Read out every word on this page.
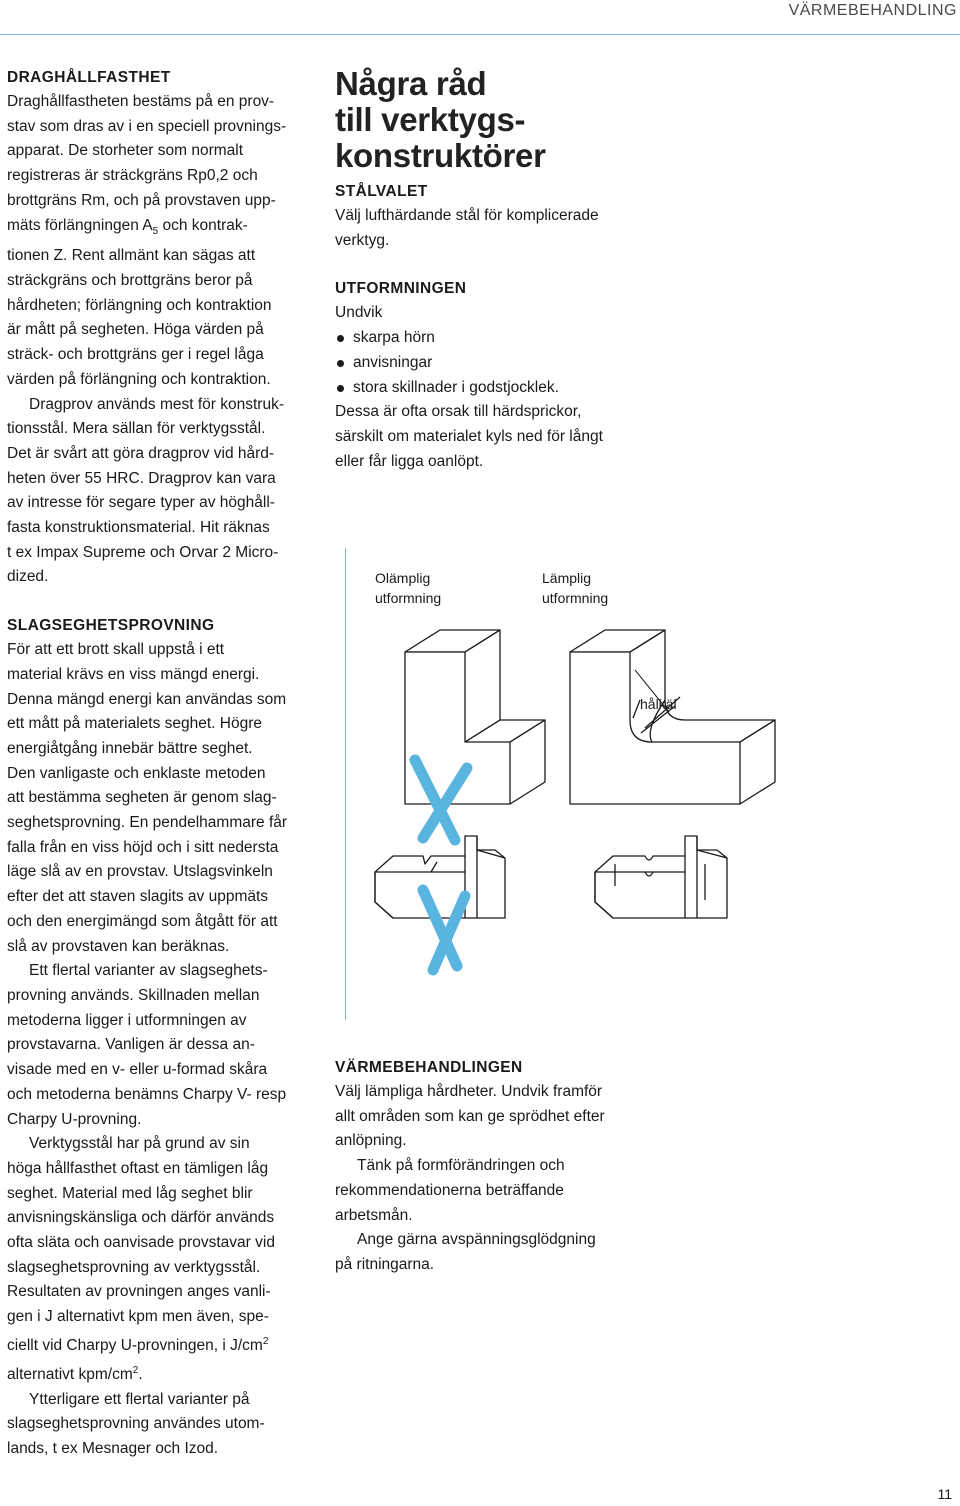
VÄRMEBEHANDLING

DRAGHÅLLFASTHET

Draghållfastheten bestäms på en prov-
stav som dras av i en speciell provnings-
apparat. De storheter som normalt
registreras är sträckgräns Rp0,2 och
brottgräns Rm, och på provstaven upp-
mäts förlängningen $A_5$ och kontrak-
tionen Z. Rent allmänt kan sägas att
sträckgräns och brottgräns beror på
hårdheten; förlängning och kontraktion
är mått på segheten. Höga värden på
sträck- och brottgräns ger i regel låga
värden på förlängning och kontraktion.
Dragprov används mest för konstruk-
tionsstål. Mera sällan för verktygsstål.
Det är svårt att göra dragprov vid hård-
heten över 55 HRC. Dragprov kan vara
av intresse för segare typer av höghåll-
fasta konstruktionsmaterial. Hit räknas
t ex Impax Supreme och Orvar 2 Micro-
dized.

SLAGSEGHETSPROVNING

För att ett brott skall uppstå i ett
material krävs en viss mängd energi.
Denna mängd energi kan användas som
ett mått på materialets seghet. Högre
energiåtgång innebär bättre seghet.
Den vanligaste och enklaste metoden
att bestämma segheten är genom slag-
seghetsprovning. En pendelhammare får
falla från en viss höjd och i sitt nedersta
läge slå av en provstav. Utslagsvinkeln
efter det att staven slagits av uppmäts
och den energimängd som åtgått för att
slå av provstaven kan beräknas.
Ett flertal varianter av slagseghets-
provning används. Skillnaden mellan
metoderna ligger i utformningen av
provstavarna. Vanligen är dessa an-
visade med en v- eller u-formad skåra
och metoderna benämns Charpy V- resp
Charpy U-provning.
Verktygsstål har på grund av sin
höga hållfasthet oftast en tämligen låg
seghet. Material med låg seghet blir
anvisningskänsliga och därför används
ofta släta och oanvisade provstavar vid
slagseghetsprovning av verktygsstål.
Resultaten av provningen anges vanli-
gen i J alternativt kpm men även, spe-
ciellt vid Charpy U-provningen, i $J/cm^2$
alternativt kpm/$cm^2$.
Ytterligare ett flertal varianter på
slagseghetsprovning användes utom-
lands, t ex Mesnager och Izod.
Några råd
till verktygs-
konstruktörer

STÅLVALET

Välj lufthärdande stål för komplicerade
verktyg.

UTFORMNINGEN

Undvik
skarpa hörn
anvisningar
stora skillnader i godstjocklek.
Dessa är ofta orsak till härdsprickor,
särskilt om materialet kyls ned för långt
eller får ligga oanlöpt.
Olämplig
utformning
Lämplig
utformning
hålkäl

VÄRMEBEHANDLINGEN

Välj lämpliga hårdheter. Undvik framför
allt områden som kan ge sprödhet efter
anlöpning.
Tänk på formförändringen och
rekommendationerna beträffande
arbetsmån.
Ange gärna avspänningsglödgning
på ritningarna.
11
